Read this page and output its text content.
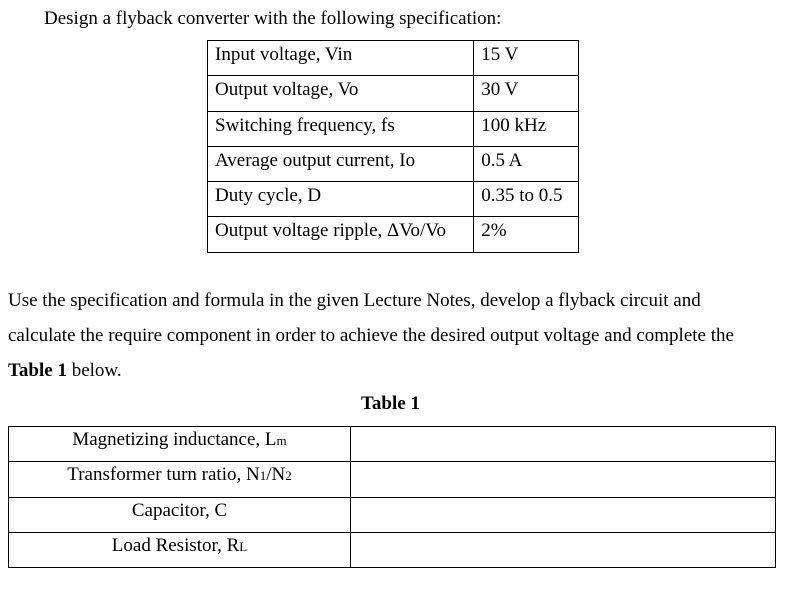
Design a flyback converter with the following specification:
Input voltage, Vin	15 V
Output voltage, Vo	30 V
Switching frequency, fs	100 kHz
Average output current, Io	0.5 A
Duty cycle, D	0.35 to 0.5
Output voltage ripple, ΔVo/Vo	2%
Use the specification and formula in the given Lecture Notes, develop a flyback circuit and
calculate the require component in order to achieve the desired output voltage and complete the
Table 1 below.
Table 1
Magnetizing inductance, Lm	
Transformer turn ratio, N1/N2	
Capacitor, C	
Load Resistor, RL	
